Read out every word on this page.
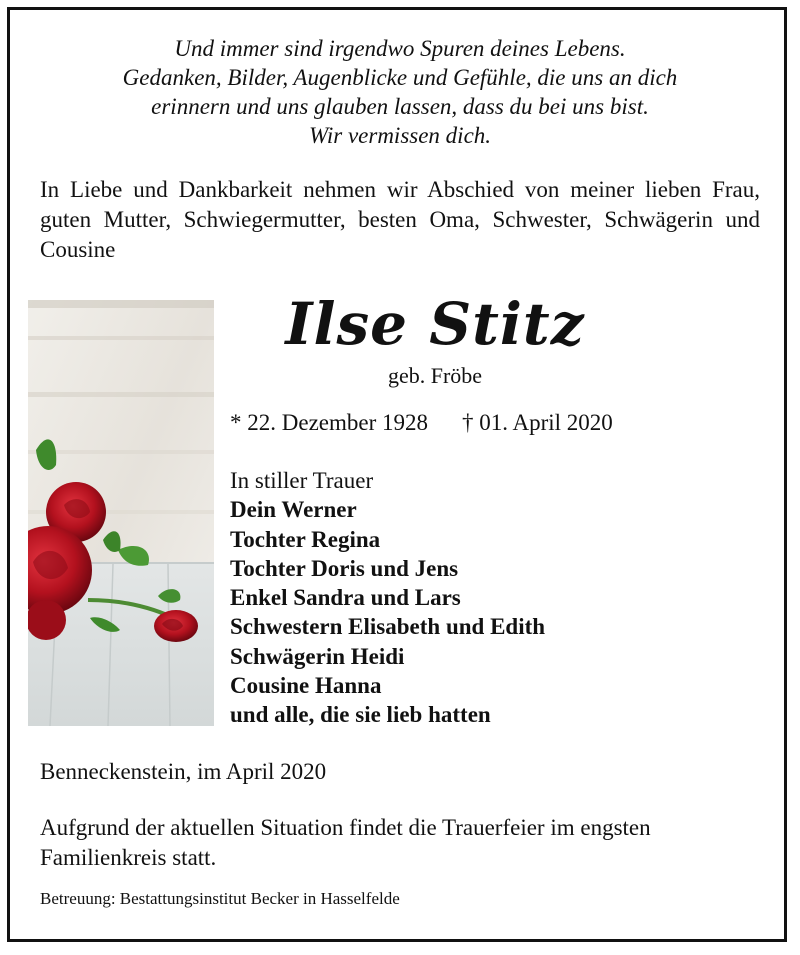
Und immer sind irgendwo Spuren deines Lebens.
Gedanken, Bilder, Augenblicke und Gefühle, die uns an dich
erinnern und uns glauben lassen, dass du bei uns bist.
Wir vermissen dich.
In Liebe und Dankbarkeit nehmen wir Abschied von meiner lieben Frau, guten Mutter, Schwiegermutter, besten Oma, Schwester, Schwägerin und Cousine
Ilse Stitz
geb. Fröbe
* 22. Dezember 1928 † 01. April 2020
In stiller Trauer
Dein Werner
Tochter Regina
Tochter Doris und Jens
Enkel Sandra und Lars
Schwestern Elisabeth und Edith
Schwägerin Heidi
Cousine Hanna
und alle, die sie lieb hatten
Benneckenstein, im April 2020
Aufgrund der aktuellen Situation findet die Trauerfeier im engsten Familienkreis statt.
Betreuung: Bestattungsinstitut Becker in Hasselfelde
